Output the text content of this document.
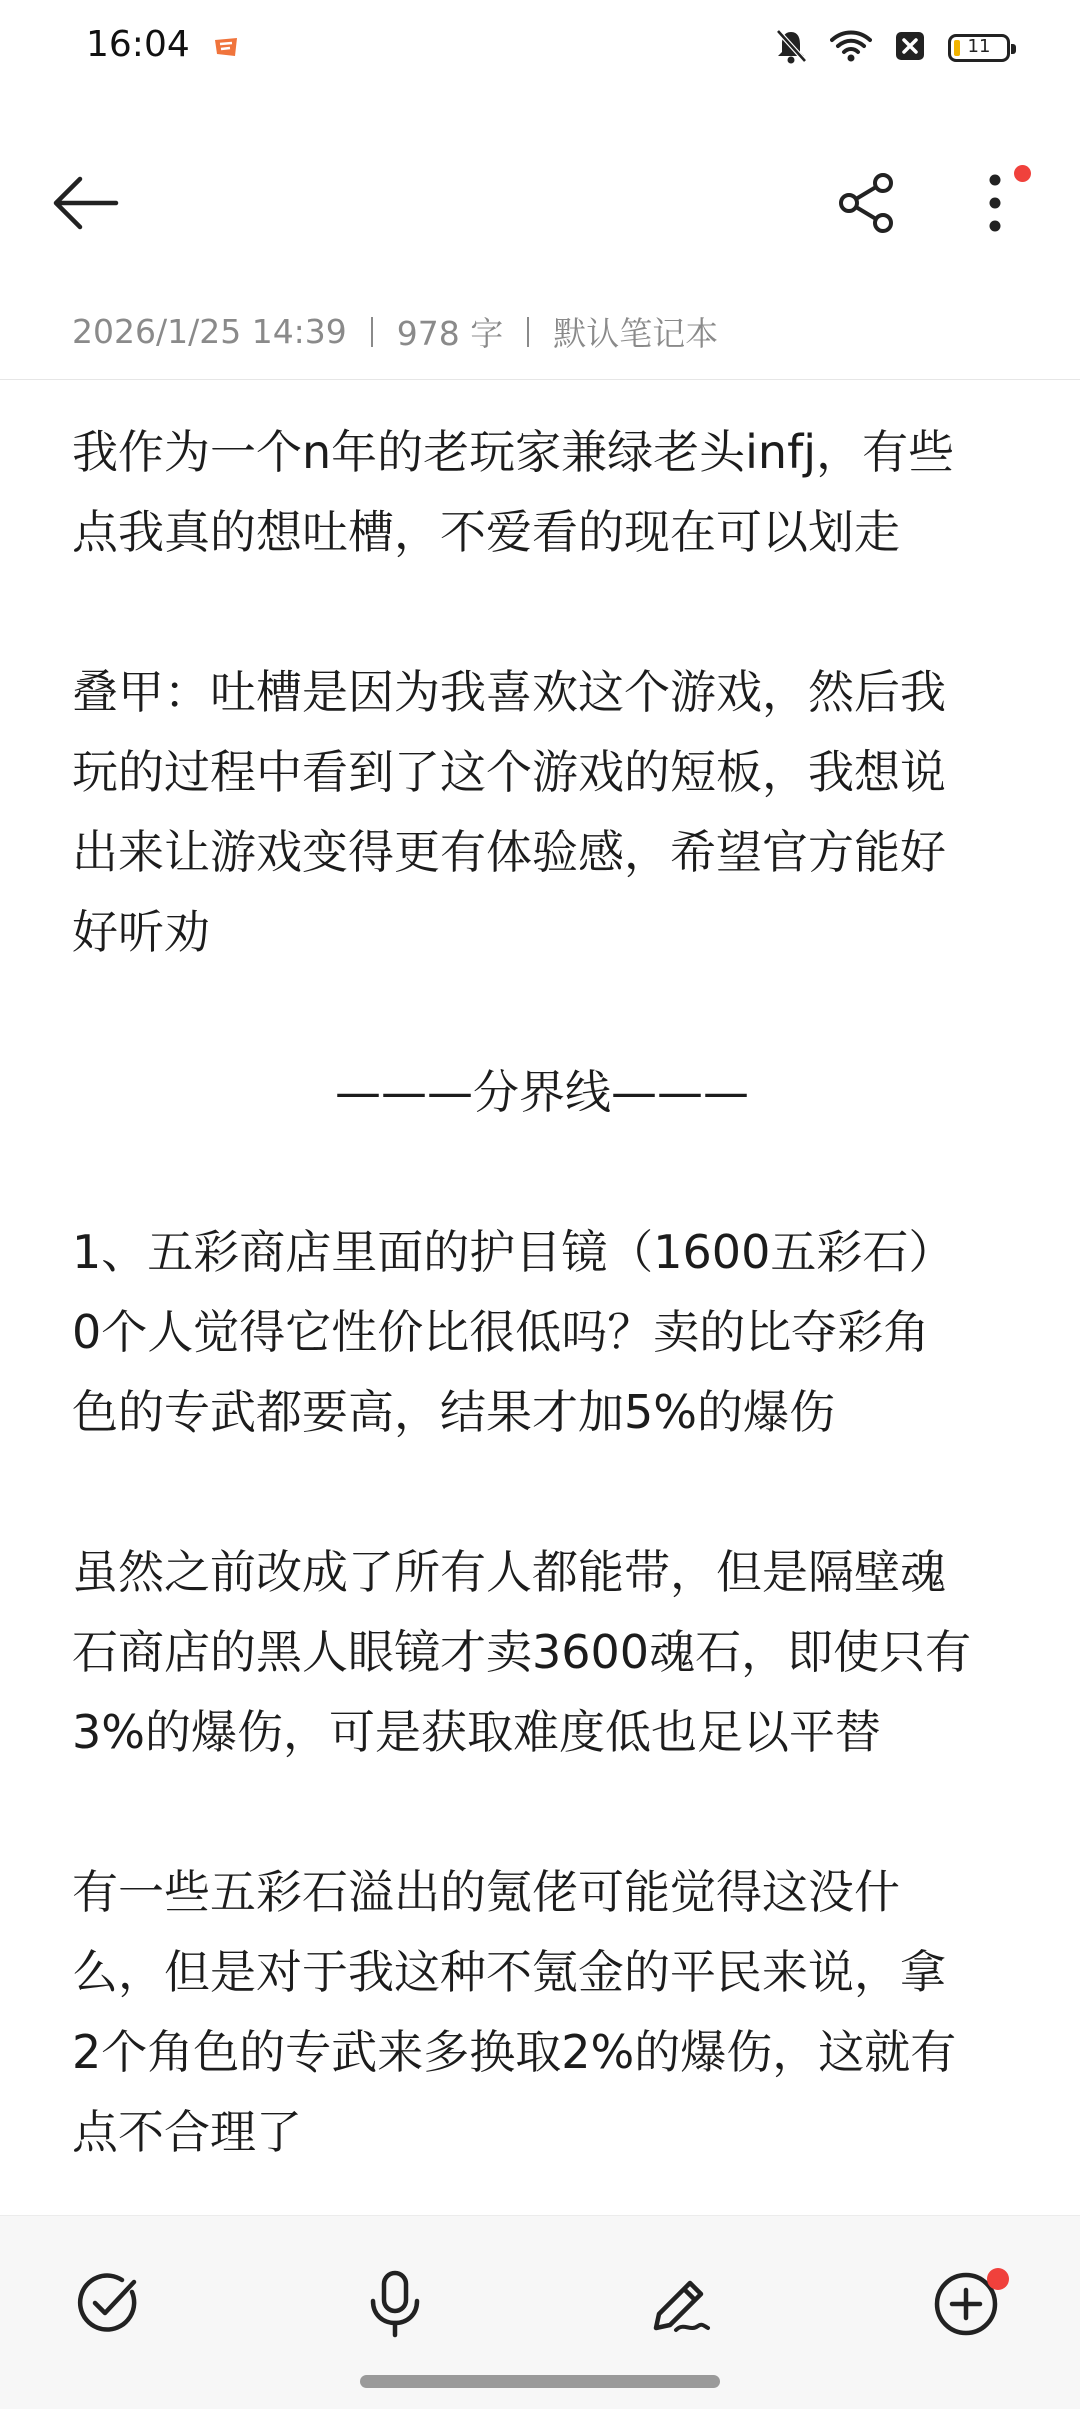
16:04	11
2026/1/25 14:39 978 字 默认笔记本

我作为一个n年的老玩家兼绿老头infj，有些

点我真的想吐槽，不爱看的现在可以划走

叠甲：吐槽是因为我喜欢这个游戏，然后我

玩的过程中看到了这个游戏的短板，我想说

出来让游戏变得更有体验感，希望官方能好

好听劝

———分界线———

1、五彩商店里面的护目镜（1600五彩石）

0个人觉得它性价比很低吗？卖的比夺彩角

色的专武都要高，结果才加5%的爆伤

虽然之前改成了所有人都能带，但是隔壁魂

石商店的黑人眼镜才卖3600魂石，即使只有

3%的爆伤，可是获取难度低也足以平替

有一些五彩石溢出的氪佬可能觉得这没什

么，但是对于我这种不氪金的平民来说，拿

2个角色的专武来多换取2%的爆伤，这就有

点不合理了
